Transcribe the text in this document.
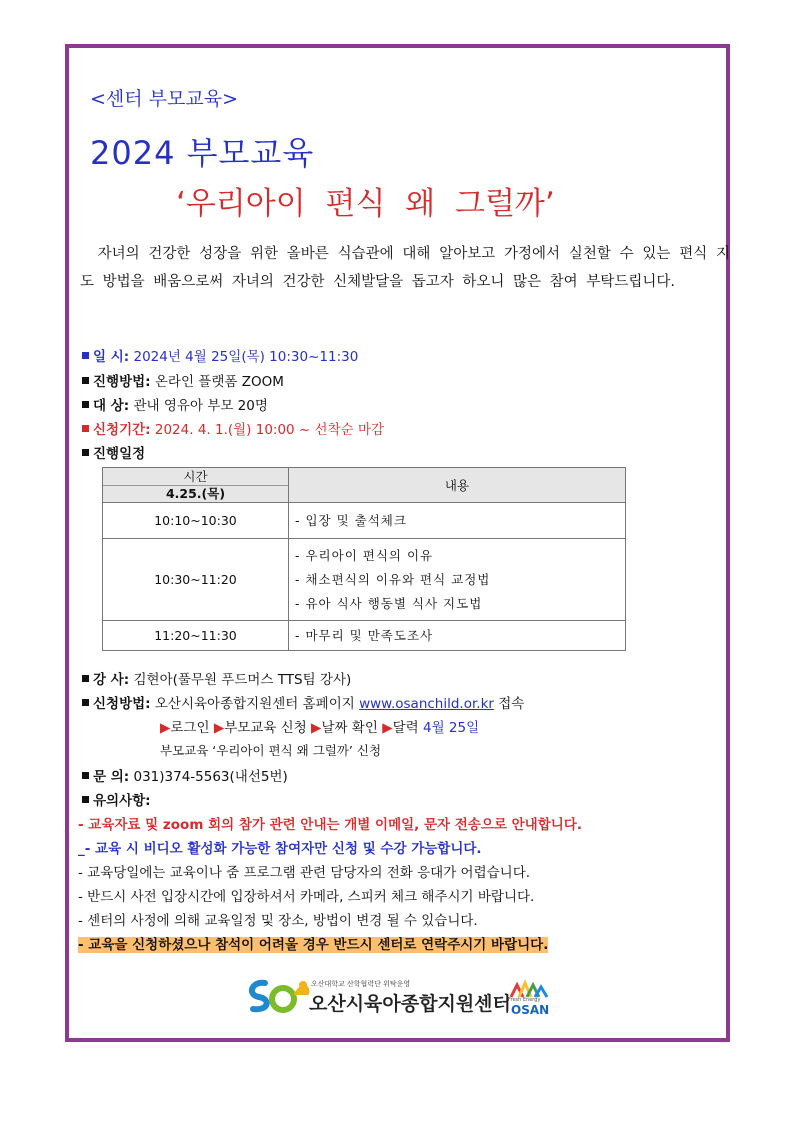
<센터 부모교육>
2024 부모교육
‘우리아이 편식 왜 그럴까’
자녀의 건강한 성장을 위한 올바른 식습관에 대해 알아보고 가정에서 실천할 수 있는 편식 지도 방법을 배움으로써 자녀의 건강한 신체발달을 돕고자 하오니 많은 참여 부탁드립니다.
일 시: 2024년 4월 25일(목) 10:30~11:30
진행방법: 온라인 플랫폼 ZOOM
대 상: 관내 영유아 부모 20명
신청기간: 2024. 4. 1.(월) 10:00 ~ 선착순 마감
진행일정
시간
4.25.(목)	내용
10:10~10:30	- 입장 및 출석체크

10:30~11:20	- 우리아이 편식의 이유
- 채소편식의 이유와 편식 교정법
- 유아 식사 행동별 식사 지도법

11:20~11:30	- 마무리 및 만족도조사
강 사: 김현아(풀무원 푸드머스 TTS팀 강사)
신청방법: 오산시육아종합지원센터 홈페이지 www.osanchild.or.kr 접속
▶로그인 ▶부모교육 신청 ▶날짜 확인 ▶달력 4월 25일
부모교육 ‘우리아이 편식 왜 그럴까’ 신청
문 의: 031)374-5563(내선5번)
유의사항:
- 교육자료 및 zoom 회의 참가 관련 안내는 개별 이메일, 문자 전송으로 안내합니다.
_- 교육 시 비디오 활성화 가능한 참여자만 신청 및 수강 가능합니다.
- 교육당일에는 교육이나 줌 프로그램 관련 담당자의 전화 응대가 어렵습니다.
- 반드시 사전 입장시간에 입장하셔서 카메라, 스피커 체크 해주시기 바랍니다.
- 센터의 사정에 의해 교육일정 및 장소, 방법이 변경 될 수 있습니다.
- 교육을 신청하셨으나 참석이 어려울 경우 반드시 센터로 연락주시기 바랍니다.
오산대학교 산학협력단 위탁운영
오산시육아종합지원센터
Fresh Energy
OSAN
